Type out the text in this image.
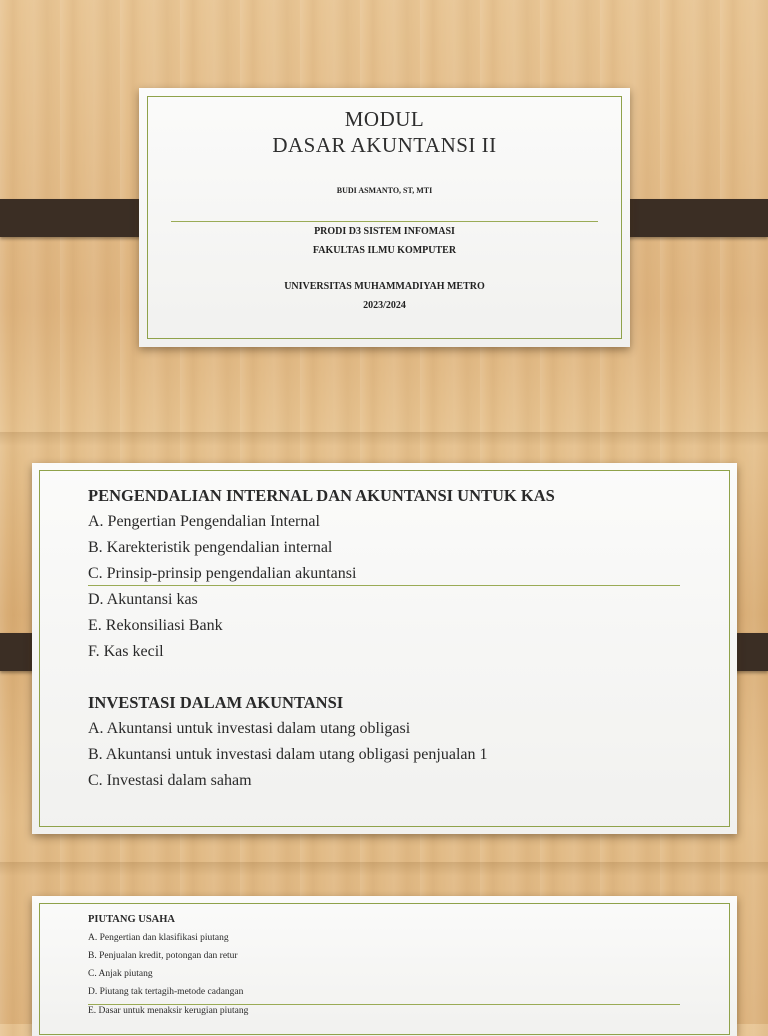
MODUL
DASAR AKUNTANSI II
BUDI ASMANTO, ST, MTI
PRODI D3 SISTEM INFOMASI
FAKULTAS ILMU KOMPUTER
UNIVERSITAS MUHAMMADIYAH METRO
2023/2024
PENGENDALIAN INTERNAL DAN AKUNTANSI UNTUK KAS
A. Pengertian Pengendalian Internal
B. Karekteristik pengendalian internal
C. Prinsip-prinsip pengendalian akuntansi
D. Akuntansi kas
E. Rekonsiliasi Bank
F. Kas kecil
INVESTASI DALAM AKUNTANSI
A. Akuntansi untuk investasi dalam utang obligasi
B. Akuntansi untuk investasi dalam utang obligasi penjualan 1
C. Investasi dalam saham
PIUTANG USAHA
A. Pengertian dan klasifikasi piutang
B. Penjualan kredit, potongan dan retur
C. Anjak piutang
D. Piutang tak tertagih-metode cadangan
E. Dasar untuk menaksir kerugian piutang
